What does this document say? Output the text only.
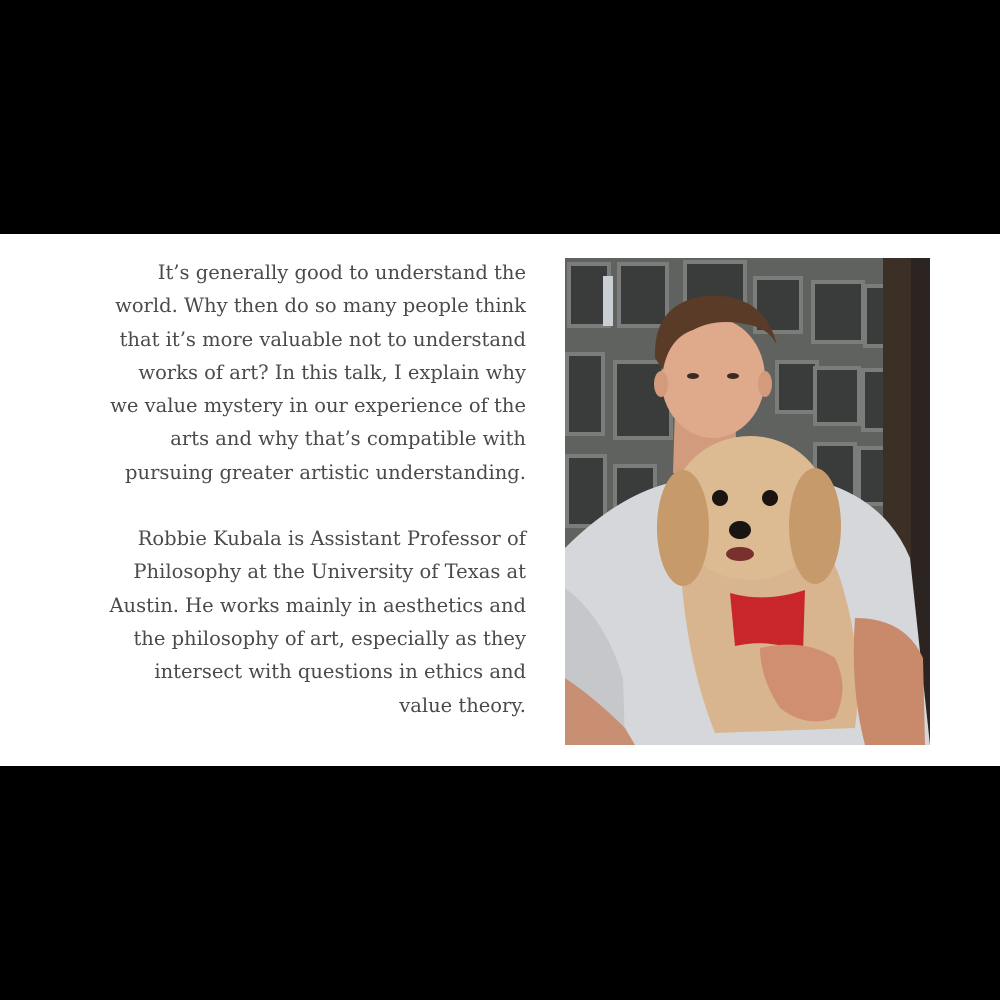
It’s generally good to understand the
world. Why then do so many people think
that it’s more valuable not to understand
works of art? In this talk, I explain why
we value mystery in our experience of the
arts and why that’s compatible with
pursuing greater artistic understanding.

Robbie Kubala is Assistant Professor of
Philosophy at the University of Texas at
Austin. He works mainly in aesthetics and
the philosophy of art, especially as they
intersect with questions in ethics and
value theory.
